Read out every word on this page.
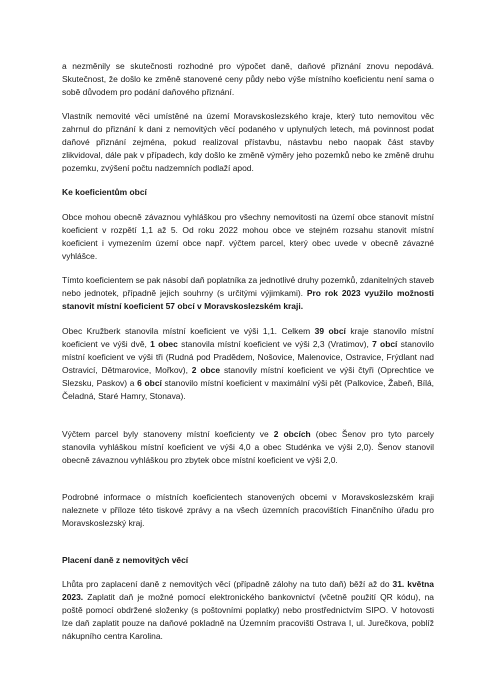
a nezměnily se skutečnosti rozhodné pro výpočet daně, daňové přiznání znovu nepodává. Skutečnost, že došlo ke změně stanovené ceny půdy nebo výše místního koeficientu není sama o sobě důvodem pro podání daňového přiznání.

Vlastník nemovité věci umístěné na území Moravskoslezského kraje, který tuto nemovitou věc zahrnul do přiznání k dani z nemovitých věcí podaného v uplynulých letech, má povinnost podat daňové přiznání zejména, pokud realizoval přístavbu, nástavbu nebo naopak část stavby zlikvidoval, dále pak v případech, kdy došlo ke změně výměry jeho pozemků nebo ke změně druhu pozemku, zvýšení počtu nadzemních podlaží apod.

Ke koeficientům obcí

Obce mohou obecně závaznou vyhláškou pro všechny nemovitosti na území obce stanovit místní koeficient v rozpětí 1,1 až 5. Od roku 2022 mohou obce ve stejném rozsahu stanovit místní koeficient i vymezením území obce např. výčtem parcel, který obec uvede v obecně závazné vyhlášce.

Tímto koeficientem se pak násobí daň poplatníka za jednotlivé druhy pozemků, zdanitelných staveb nebo jednotek, případně jejich souhrny (s určitými výjimkami). Pro rok 2023 využilo možnosti stanovit místní koeficient 57 obcí v Moravskoslezském kraji.

Obec Kružberk stanovila místní koeficient ve výši 1,1. Celkem 39 obcí kraje stanovilo místní koeficient ve výši dvě, 1 obec stanovila místní koeficient ve výši 2,3 (Vratimov), 7 obcí stanovilo místní koeficient ve výši tři (Rudná pod Pradědem, Nošovice, Malenovice, Ostravice, Frýdlant nad Ostravicí, Dětmarovice, Mořkov), 2 obce stanovily místní koeficient ve výši čtyři (Oprechtice ve Slezsku, Paskov) a 6 obcí stanovilo místní koeficient v maximální výši pět (Palkovice, Žabeň, Bílá, Čeladná, Staré Hamry, Stonava).

Výčtem parcel byly stanoveny místní koeficienty ve 2 obcích (obec Šenov pro tyto parcely stanovila vyhláškou místní koeficient ve výši 4,0 a obec Studénka ve výši 2,0). Šenov stanovil obecně závaznou vyhláškou pro zbytek obce místní koeficient ve výši 2,0.

Podrobné informace o místních koeficientech stanovených obcemi v Moravskoslezském kraji naleznete v příloze této tiskové zprávy a na všech územních pracovištích Finančního úřadu pro Moravskoslezský kraj.

Placení daně z nemovitých věcí

Lhůta pro zaplacení daně z nemovitých věcí (případně zálohy na tuto daň) běží až do 31. května 2023. Zaplatit daň je možné pomocí elektronického bankovnictví (včetně použití QR kódu), na poště pomocí obdržené složenky (s poštovními poplatky) nebo prostřednictvím SIPO. V hotovosti lze daň zaplatit pouze na daňové pokladně na Územním pracovišti Ostrava I, ul. Jurečkova, poblíž nákupního centra Karolina.
